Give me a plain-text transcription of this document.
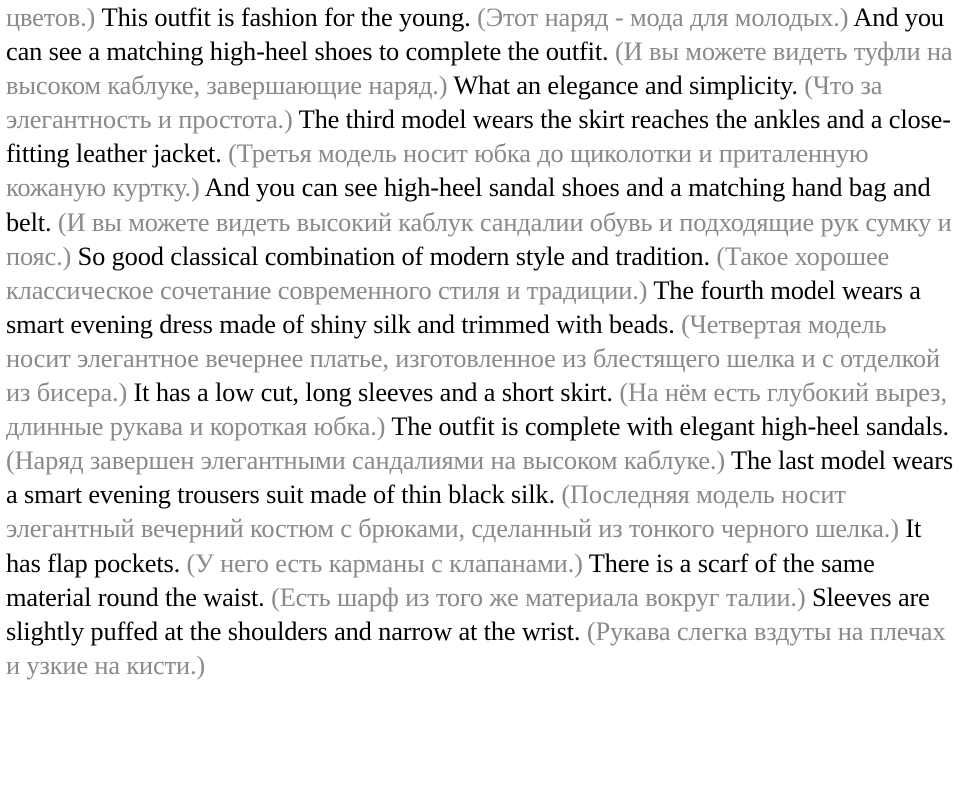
цветов.) This outfit is fashion for the young. (Этот наряд - мода для молодых.) And you can see a matching high-heel shoes to complete the outfit. (И вы можете видеть туфли на высоком каблуке, завершающие наряд.) What an elegance and simplicity. (Что за элегантность и простота.) The third model wears the skirt reaches the ankles and a close-fitting leather jacket. (Третья модель носит юбка до щиколотки и приталенную кожаную куртку.) And you can see high-heel sandal shoes and a matching hand bag and belt. (И вы можете видеть высокий каблук сандалии обувь и подходящие рук сумку и пояс.) So good classical combination of modern style and tradition. (Такое хорошее классическое сочетание современного стиля и традиции.) The fourth model wears a smart evening dress made of shiny silk and trimmed with beads. (Четвертая модель носит элегантное вечернее платье, изготовленное из блестящего шелка и с отделкой из бисера.) It has a low cut, long sleeves and a short skirt. (На нём есть глубокий вырез, длинные рукава и короткая юбка.) The outfit is complete with elegant high-heel sandals. (Наряд завершен элегантными сандалиями на высоком каблуке.) The last model wears a smart evening trousers suit made of thin black silk. (Последняя модель носит элегантный вечерний костюм с брюками, сделанный из тонкого черного шелка.) It has flap pockets. (У него есть карманы с клапанами.) There is a scarf of the same material round the waist. (Есть шарф из того же материала вокруг талии.) Sleeves are slightly puffed at the shoulders and narrow at the wrist. (Рукава слегка вздуты на плечах и узкие на кисти.)
